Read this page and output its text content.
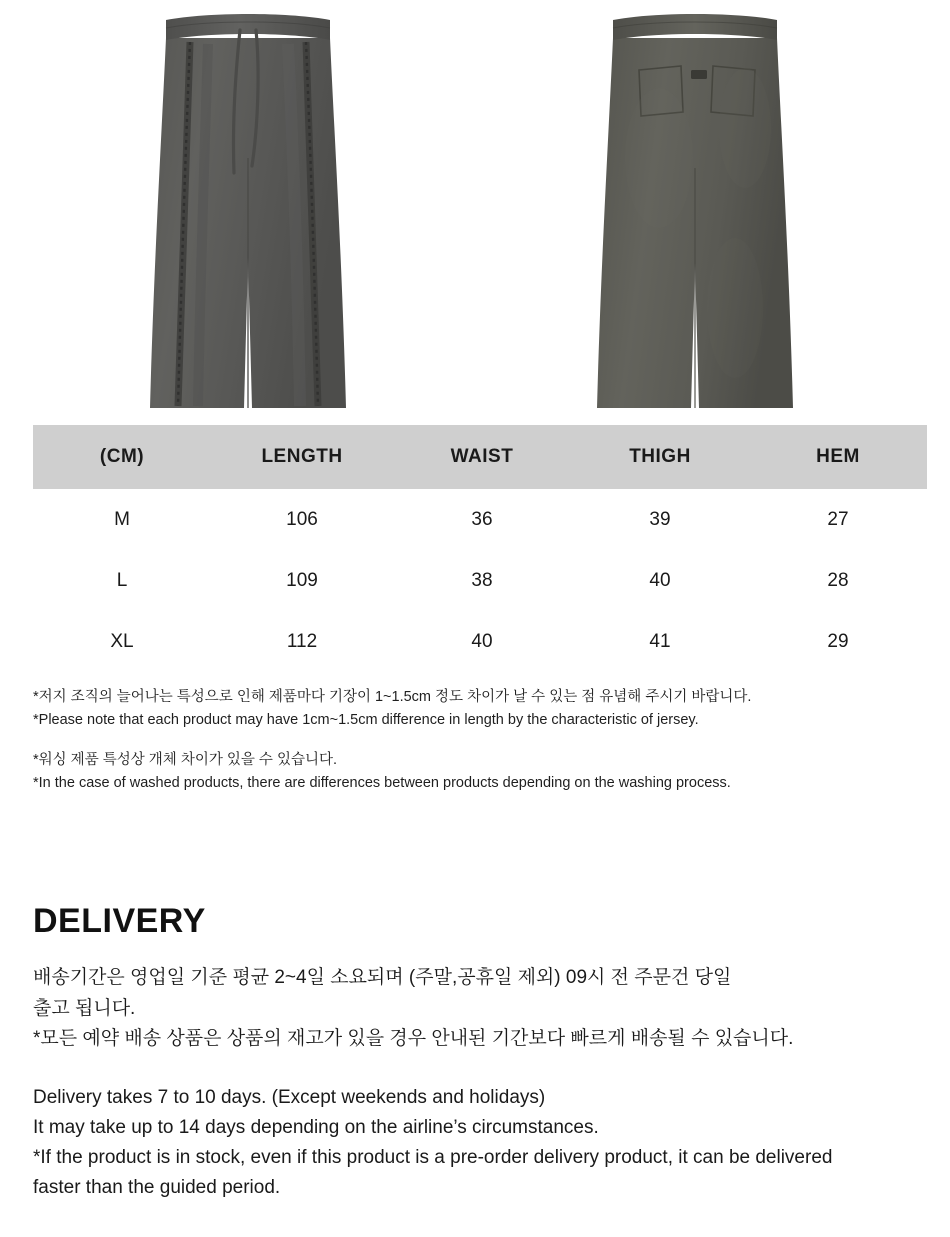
(CM)	LENGTH	WAIST	THIGH	HEM
M	106	36	39	27
L	109	38	40	28
XL	112	40	41	29
*저지 조직의 늘어나는 특성으로 인해 제품마다 기장이 1~1.5cm 정도 차이가 날 수 있는 점 유념해 주시기 바랍니다.
*Please note that each product may have 1cm~1.5cm difference in length by the characteristic of jersey.
*워싱 제품 특성상 개체 차이가 있을 수 있습니다.
*In the case of washed products, there are differences between products depending on the washing process.
DELIVERY
배송기간은 영업일 기준 평균 2~4일 소요되며 (주말,공휴일 제외) 09시 전 주문건 당일
출고 됩니다.
*모든 예약 배송 상품은 상품의 재고가 있을 경우 안내된 기간보다 빠르게 배송될 수 있습니다.
Delivery takes 7 to 10 days. (Except weekends and holidays)
It may take up to 14 days depending on the airline’s circumstances.
*If the product is in stock, even if this product is a pre-order delivery product, it can be delivered
faster than the guided period.
